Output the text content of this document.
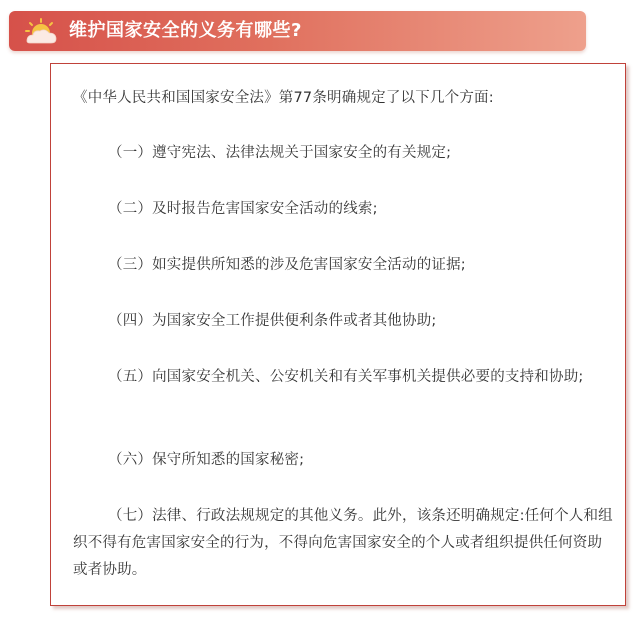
维护国家安全的义务有哪些?

《中华人民共和国国家安全法》第77条明确规定了以下几个方面:

（一）遵守宪法、法律法规关于国家安全的有关规定;

（二）及时报告危害国家安全活动的线索;

（三）如实提供所知悉的涉及危害国家安全活动的证据;

（四）为国家安全工作提供便利条件或者其他协助;

（五）向国家安全机关、公安机关和有关军事机关提供必要的支持和协助;

（六）保守所知悉的国家秘密;

（七）法律、行政法规规定的其他义务。此外，该条还明确规定:任何个人和组织不得有危害国家安全的行为，不得向危害国家安全的个人或者组织提供任何资助或者协助。
